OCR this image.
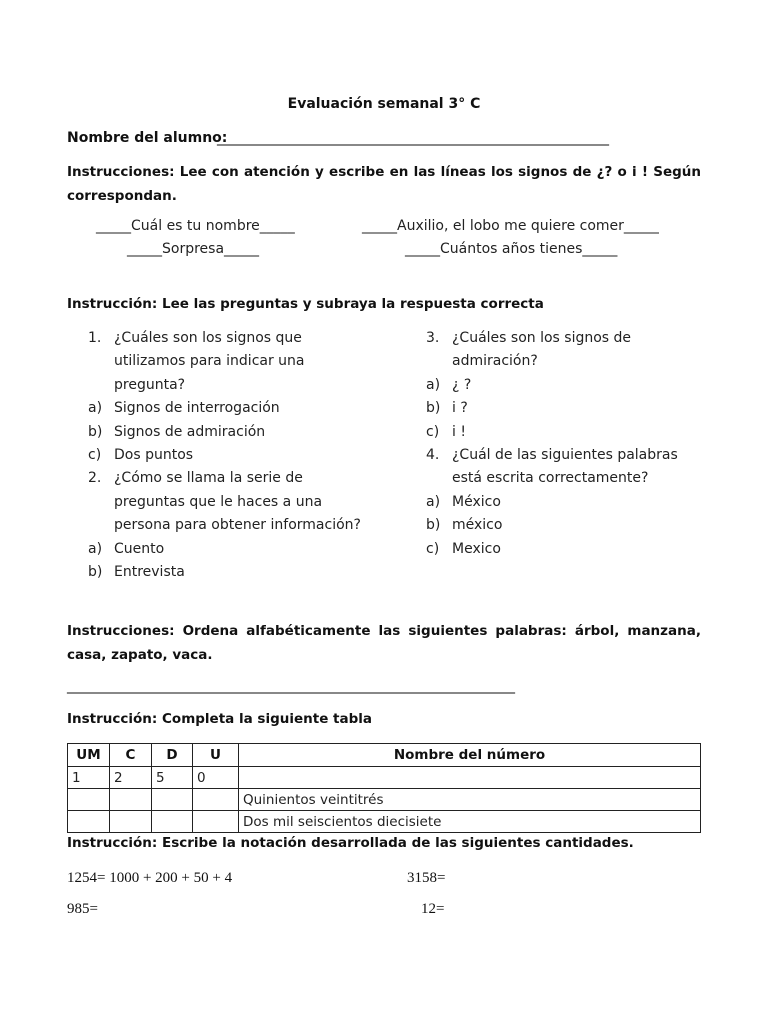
Evaluación semanal 3° C
Nombre del alumno:
________________________________________________________
Instrucciones: Lee con atención y escribe en las líneas los signos de ¿? o i ! Según correspondan.
_____Cuál es tu nombre_____	_____Auxilio, el lobo me quiere comer_____
_____Sorpresa_____	_____Cuántos años tienes_____
Instrucción: Lee las preguntas y subraya la respuesta correcta
1. ¿Cuáles son los signos que
utilizamos para indicar una
pregunta?
a) Signos de interrogación
b) Signos de admiración
c) Dos puntos
2. ¿Cómo se llama la serie de
preguntas que le haces a una
persona para obtener información?
a) Cuento
b) Entrevista
3. ¿Cuáles son los signos de
admiración?
a) ¿ ?
b) i ?
c) i !
4. ¿Cuál de las siguientes palabras
está escrita correctamente?
a) México
b) méxico
c) Mexico
Instrucciones: Ordena alfabéticamente las siguientes palabras: árbol, manzana, casa, zapato, vaca.
________________________________________________________________
Instrucción: Completa la siguiente tabla
UM	C	D	U	Nombre del número
1	2	5	0	
				Quinientos veintitrés
				Dos mil seiscientos diecisiete
Instrucción: Escribe la notación desarrollada de las siguientes cantidades.
1254= 1000 + 200 + 50 + 4	3158=
985=	12=
